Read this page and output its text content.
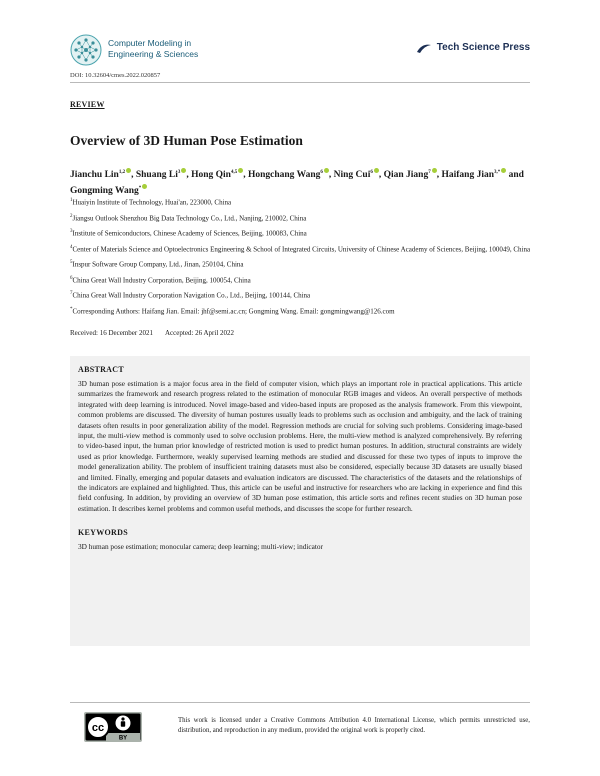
Computer Modeling in
Engineering & Sciences
Tech Science Press
DOI: 10.32604/cmes.2022.020857
REVIEW
Overview of 3D Human Pose Estimation
Jianchu Lin$^{1,2}$ , Shuang Li$^3$ , Hong Qin$^{4,5}$ , Hongchang Wang$^6$ , Ning Cui$^6$ , Qian Jiang$^7$ , Haifang Jian$^{3,*}$ and Gongming Wang*

$^1$Huaiyin Institute of Technology, Huai'an, 223000, China

$^2$Jiangsu Outlook Shenzhou Big Data Technology Co., Ltd., Nanjing, 210002, China

$^3$Institute of Semiconductors, Chinese Academy of Sciences, Beijing, 100083, China

$^4$Center of Materials Science and Optoelectronics Engineering & School of Integrated Circuits, University of Chinese Academy of Sciences, Beijing, 100049, China

$^5$Inspur Software Group Company, Ltd., Jinan, 250104, China

$^6$China Great Wall Industry Corporation, Beijing, 100054, China

$^7$China Great Wall Industry Corporation Navigation Co., Ltd., Beijing, 100144, China

*Corresponding Authors: Haifang Jian. Email: jhf@semi.ac.cn; Gongming Wang. Email: gongmingwang@126.com

Received: 16 December 2021 Accepted: 26 April 2022
ABSTRACT

3D human pose estimation is a major focus area in the field of computer vision, which plays an important role in practical applications. This article summarizes the framework and research progress related to the estimation of monocular RGB images and videos. An overall perspective of methods integrated with deep learning is introduced. Novel image-based and video-based inputs are proposed as the analysis framework. From this viewpoint, common problems are discussed. The diversity of human postures usually leads to problems such as occlusion and ambiguity, and the lack of training datasets often results in poor generalization ability of the model. Regression methods are crucial for solving such problems. Considering image-based input, the multi-view method is commonly used to solve occlusion problems. Here, the multi-view method is analyzed comprehensively. By referring to video-based input, the human prior knowledge of restricted motion is used to predict human postures. In addition, structural constraints are widely used as prior knowledge. Furthermore, weakly supervised learning methods are studied and discussed for these two types of inputs to improve the model generalization ability. The problem of insufficient training datasets must also be considered, especially because 3D datasets are usually biased and limited. Finally, emerging and popular datasets and evaluation indicators are discussed. The characteristics of the datasets and the relationships of the indicators are explained and highlighted. Thus, this article can be useful and instructive for researchers who are lacking in experience and find this field confusing. In addition, by providing an overview of 3D human pose estimation, this article sorts and refines recent studies on 3D human pose estimation. It describes kernel problems and common useful methods, and discusses the scope for further research.

KEYWORDS

3D human pose estimation; monocular camera; deep learning; multi-view; indicator

cc
BY

This work is licensed under a Creative Commons Attribution 4.0 International License, which permits unrestricted use, distribution, and reproduction in any medium, provided the original work is properly cited.
